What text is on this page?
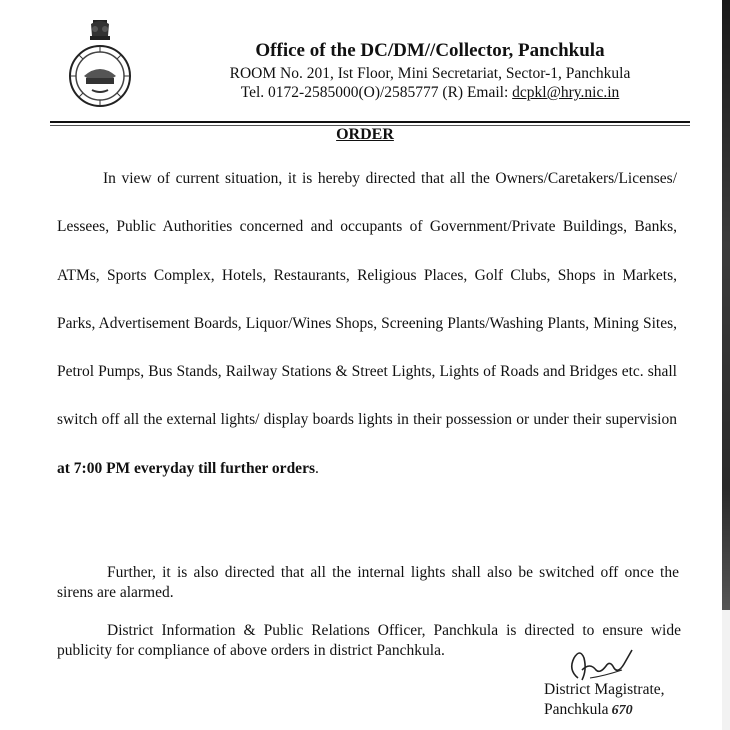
Office of the DC/DM//Collector, Panchkula

ROOM No. 201, Ist Floor, Mini Secretariat, Sector-1, Panchkula

Tel. 0172-2585000(O)/2585777 (R) Email: dcpkl@hry.nic.in

ORDER
In view of current situation, it is hereby directed that all the Owners/Caretakers/Licenses/ Lessees, Public Authorities concerned and occupants of Government/Private Buildings, Banks, ATMs, Sports Complex, Hotels, Restaurants, Religious Places, Golf Clubs, Shops in Markets, Parks, Advertisement Boards, Liquor/Wines Shops, Screening Plants/Washing Plants, Mining Sites, Petrol Pumps, Bus Stands, Railway Stations & Street Lights, Lights of Roads and Bridges etc. shall switch off all the external lights/ display boards lights in their possession or under their supervision at 7:00 PM everyday till further orders.
Further, it is also directed that all the internal lights shall also be switched off once the sirens are alarmed.
District Information & Public Relations Officer, Panchkula is directed to ensure wide publicity for compliance of above orders in district Panchkula.
District Magistrate,
Panchkula 670
